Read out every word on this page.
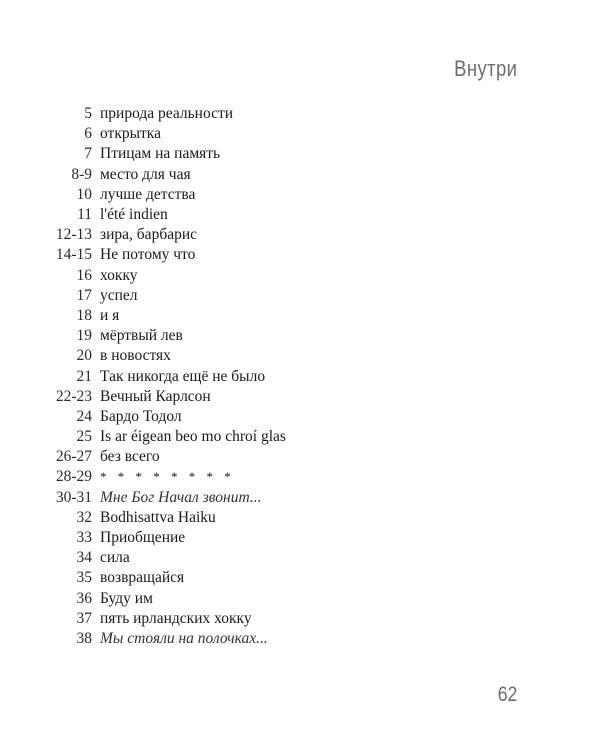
Внутри
5 природа реальности
6 открытка
7 Птицам на память
8-9 место для чая
10 лучше детства
11 l'été indien
12-13 зира, барбарис
14-15 Не потому что
16 хокку
17 успел
18 и я
19 мёртвый лев
20 в новостях
21 Так никогда ещё не было
22-23 Вечный Карлсон
24 Бардо Тодол
25 Is ar éigean beo mo chroí glas
26-27 без всего
28-29 * * * * * * * *
30-31 Мне Бог Начал звонит...
32 Bodhisattva Haiku
33 Приобщение
34 сила
35 возвращайся
36 Буду им
37 пять ирландских хокку
38 Мы стояли на полочках...
62
